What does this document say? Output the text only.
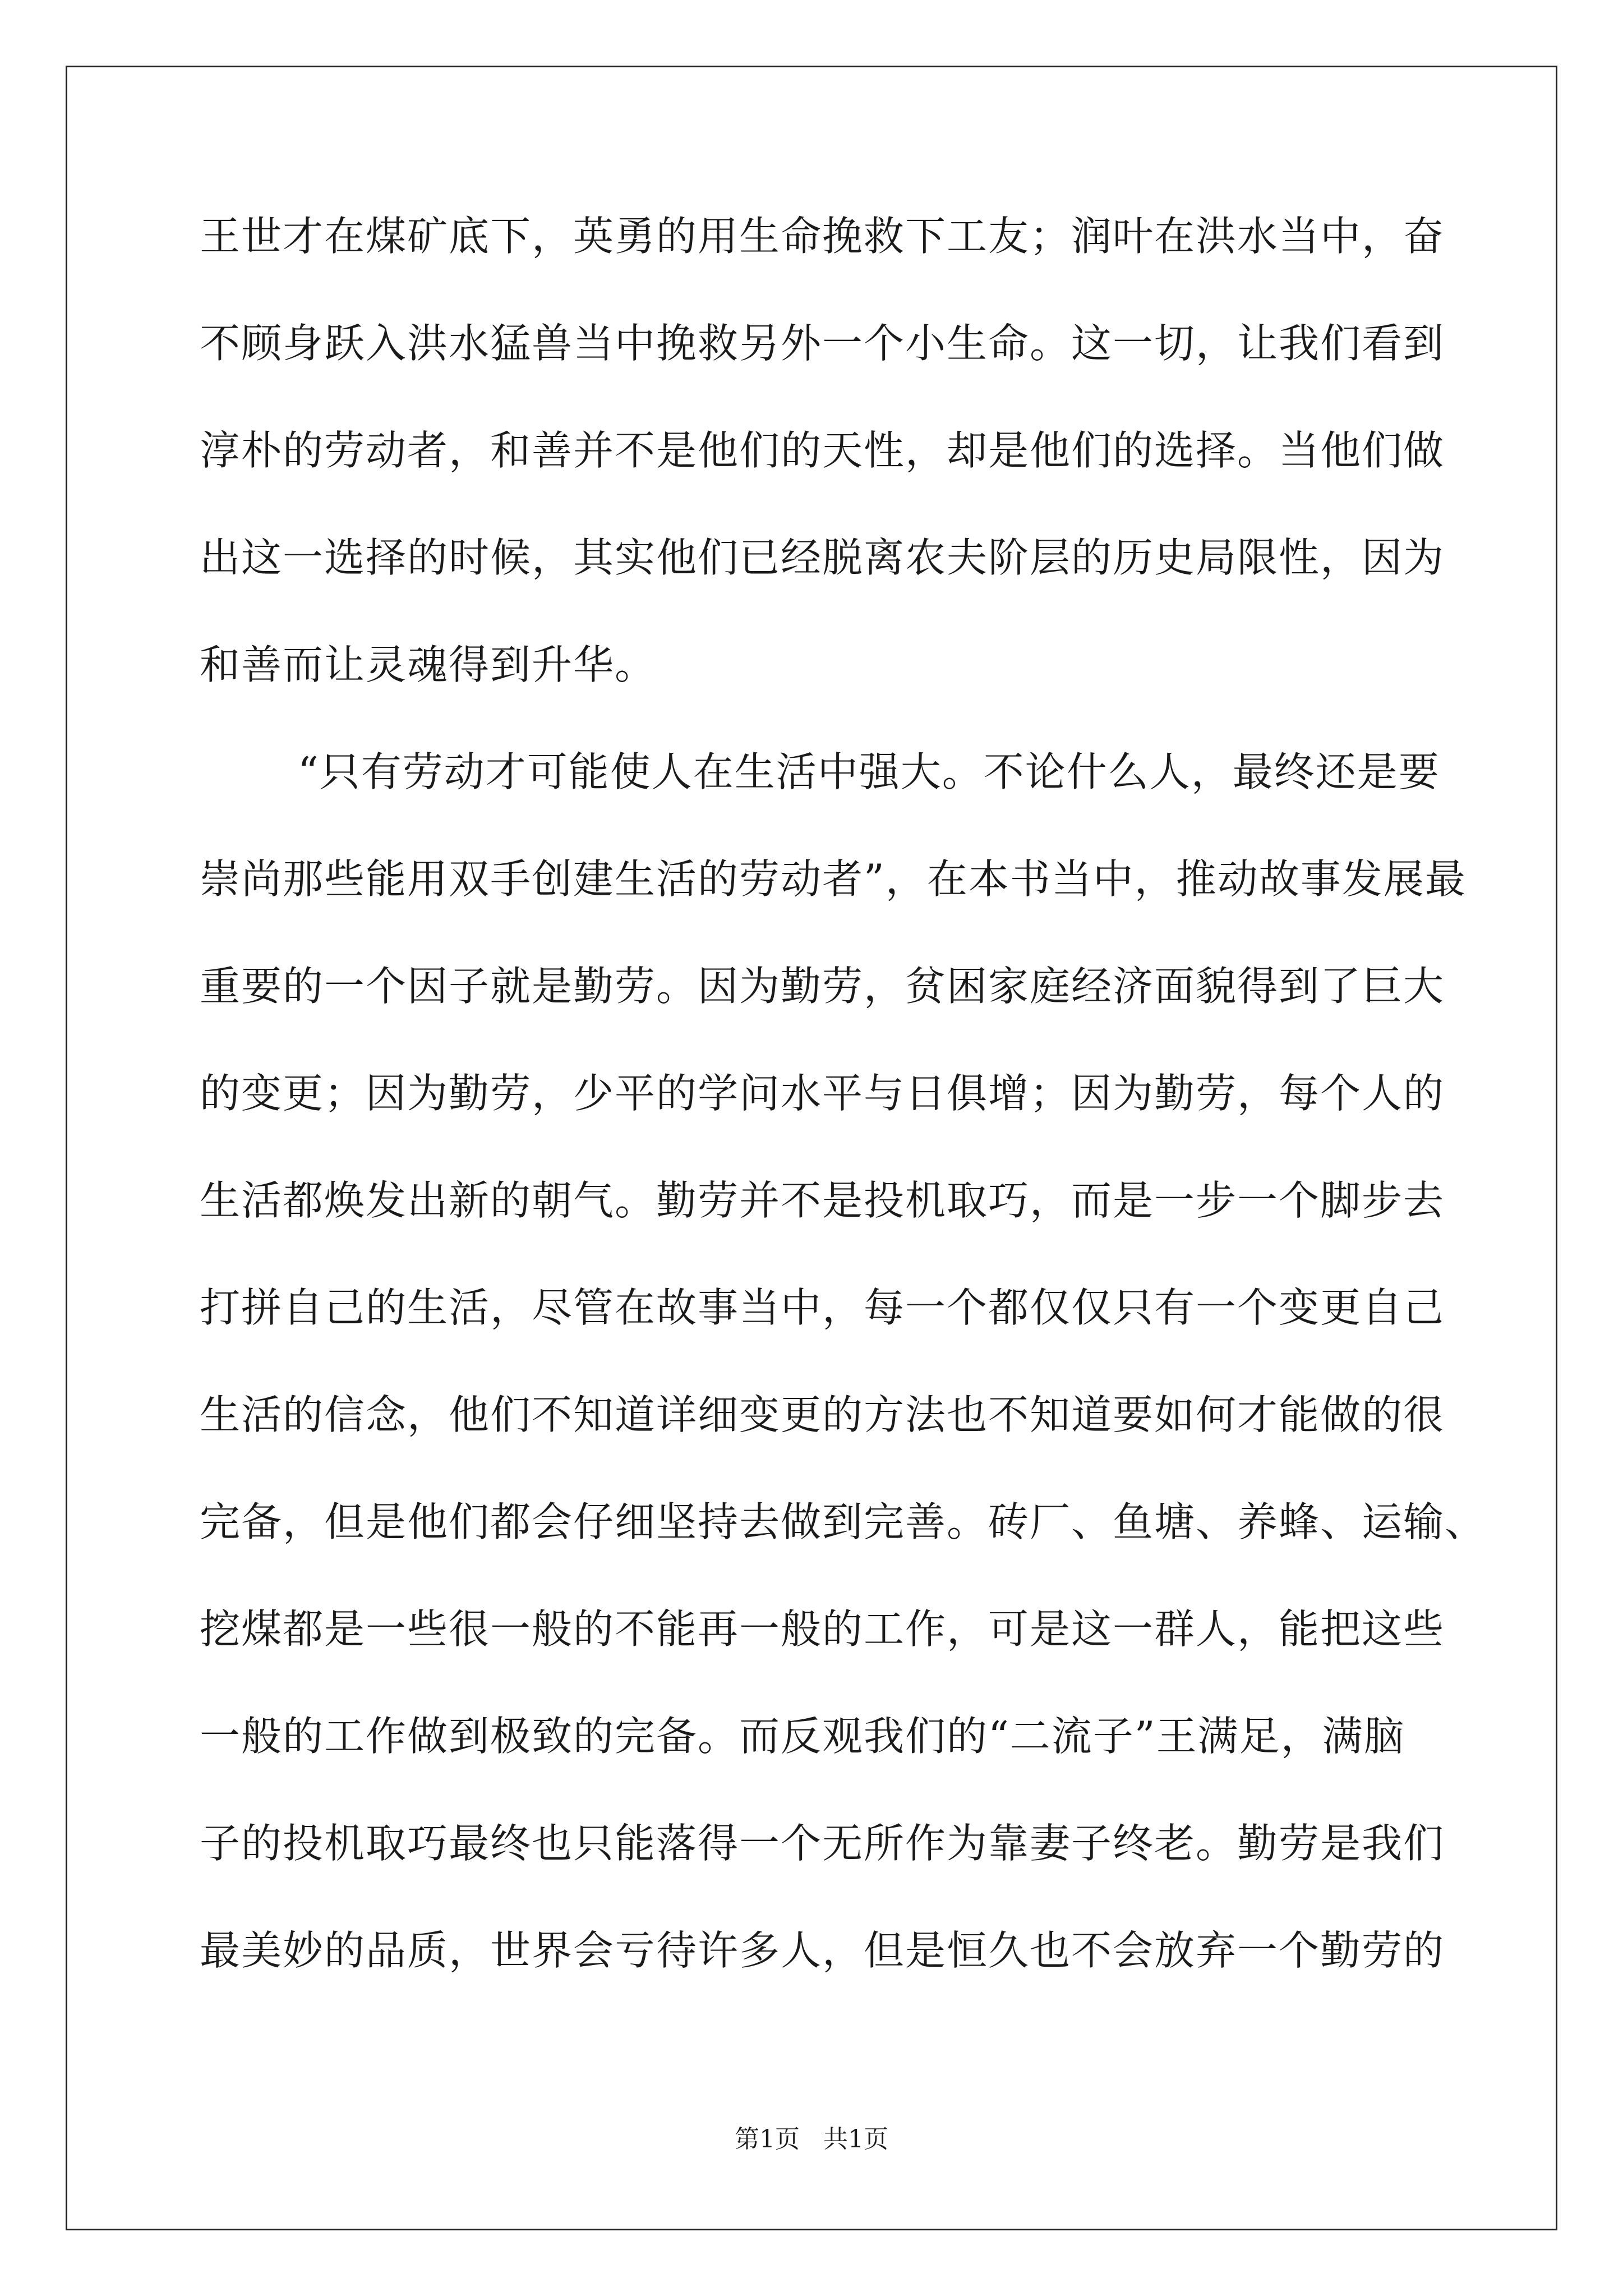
王世才在煤矿底下，英勇的用生命挽救下工友；润叶在洪水当中，奋
不顾身跃入洪水猛兽当中挽救另外一个小生命。这一切，让我们看到
淳朴的劳动者，和善并不是他们的天性，却是他们的选择。当他们做
出这一选择的时候，其实他们已经脱离农夫阶层的历史局限性，因为
和善而让灵魂得到升华。
“只有劳动才可能使人在生活中强大。不论什么人，最终还是要
崇尚那些能用双手创建生活的劳动者”，在本书当中，推动故事发展最
重要的一个因子就是勤劳。因为勤劳，贫困家庭经济面貌得到了巨大
的变更；因为勤劳，少平的学问水平与日俱增；因为勤劳，每个人的
生活都焕发出新的朝气。勤劳并不是投机取巧，而是一步一个脚步去
打拼自己的生活，尽管在故事当中，每一个都仅仅只有一个变更自己
生活的信念，他们不知道详细变更的方法也不知道要如何才能做的很
完备，但是他们都会仔细坚持去做到完善。砖厂、鱼塘、养蜂、运输、
挖煤都是一些很一般的不能再一般的工作，可是这一群人，能把这些
一般的工作做到极致的完备。而反观我们的“二流子”王满足，满脑
子的投机取巧最终也只能落得一个无所作为靠妻子终老。勤劳是我们
最美妙的品质，世界会亏待许多人，但是恒久也不会放弃一个勤劳的
第1页   共1页
